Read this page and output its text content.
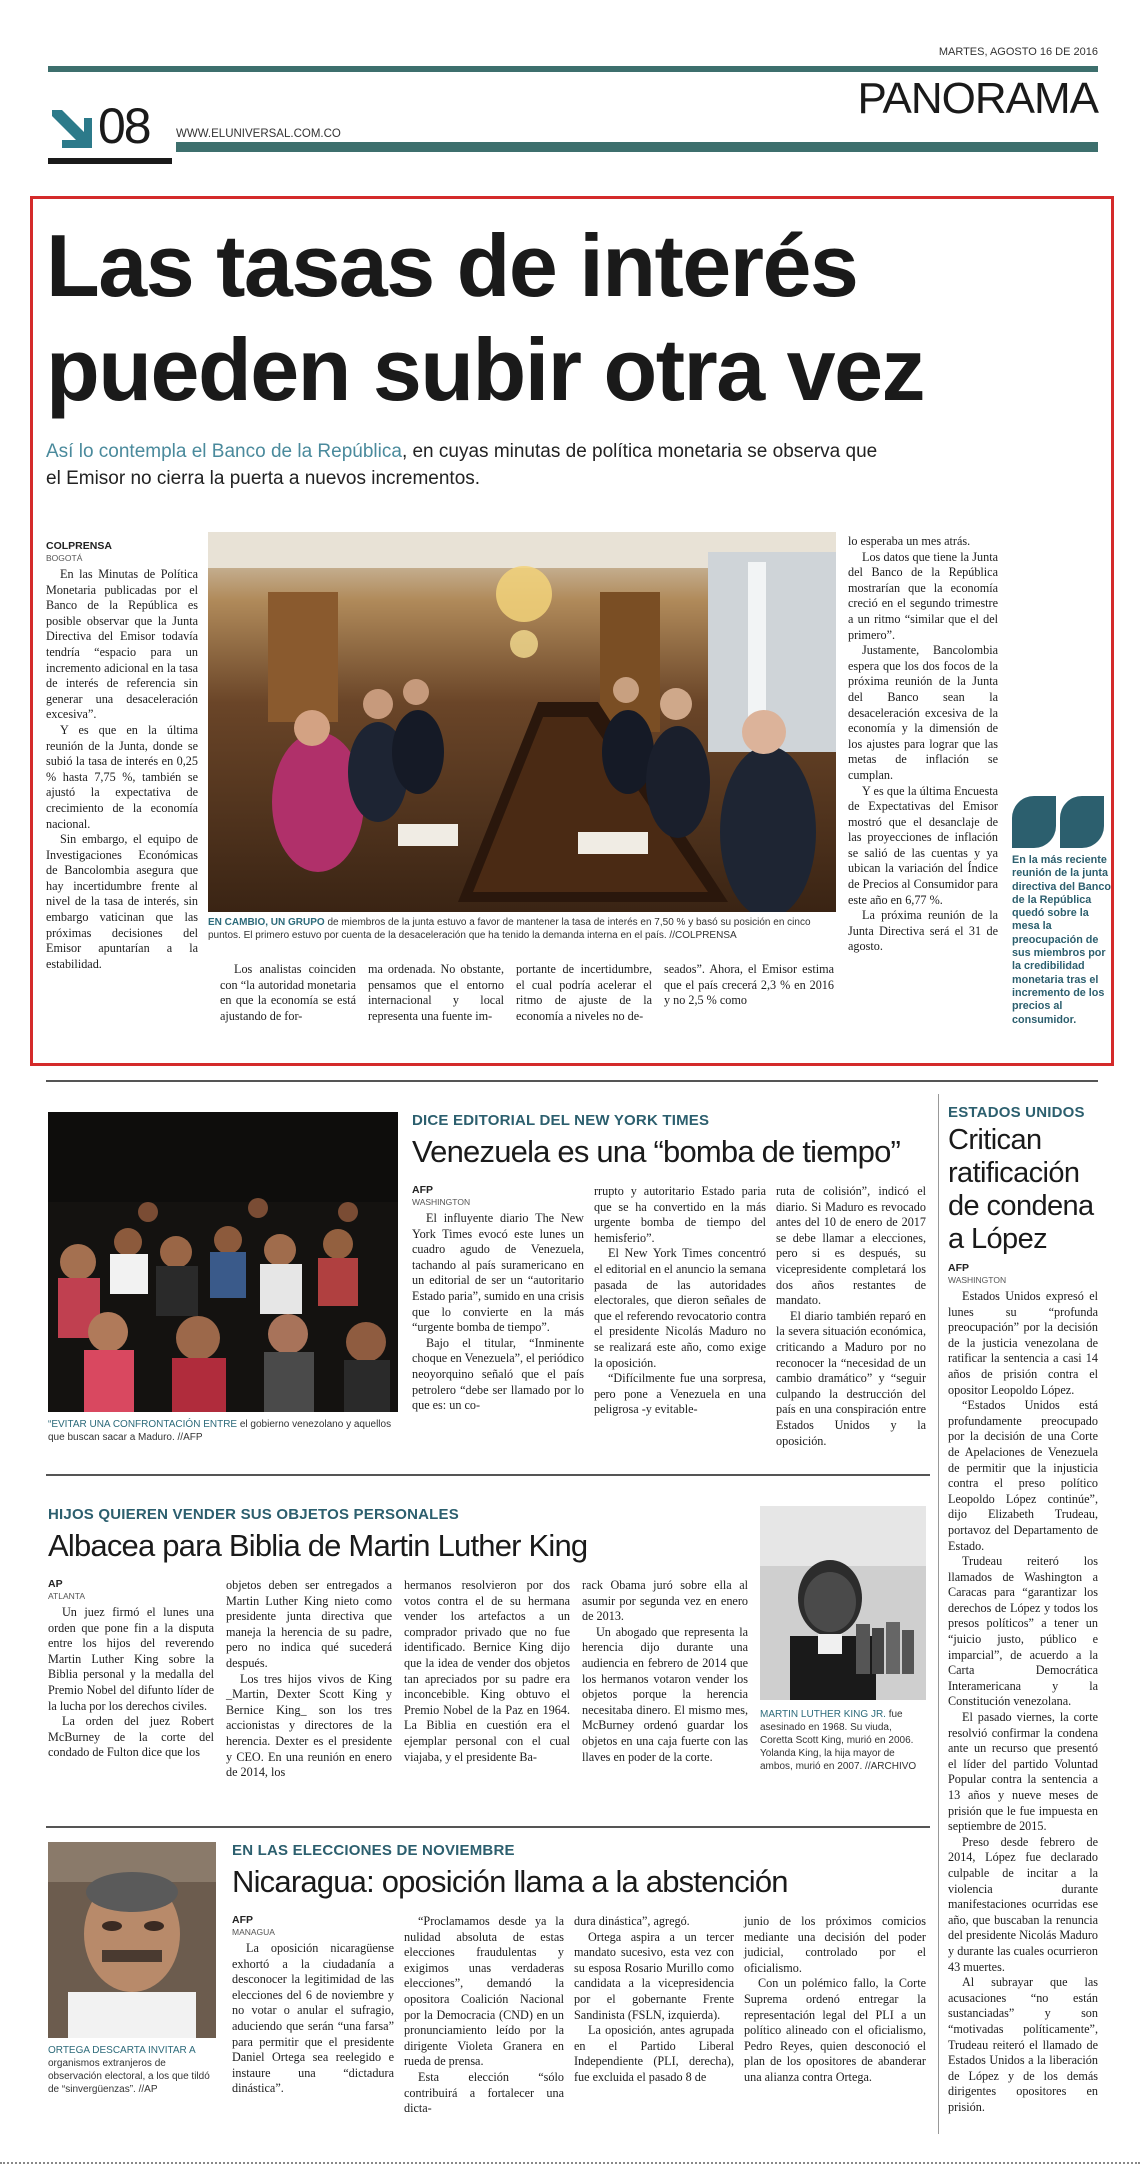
MARTES, AGOSTO 16 DE 2016
PANORAMA
08 WWW.ELUNIVERSAL.COM.CO
Las tasas de interés
pueden subir otra vez
Así lo contempla el Banco de la República, en cuyas minutas de política monetaria se observa que
el Emisor no cierra la puerta a nuevos incrementos.
COLPRENSA
BOGOTÁ

En las Minutas de Política Monetaria publicadas por el Banco de la República es posible observar que la Junta Directiva del Emisor todavía tendría “espacio para un incremento adicional en la tasa de interés de referencia sin generar una desaceleración excesiva”.

Y es que en la última reunión de la Junta, donde se subió la tasa de interés en 0,25 % hasta 7,75 %, también se ajustó la expectativa de crecimiento de la economía nacional.

Sin embargo, el equipo de Investigaciones Económicas de Bancolombia asegura que hay incertidumbre frente al nivel de la tasa de interés, sin embargo vaticinan que las próximas decisiones del Emisor apuntarían a la estabilidad.

EN CAMBIO, UN GRUPO de miembros de la junta estuvo a favor de mantener la tasa de interés en 7,50 % y basó su posición en cinco puntos. El primero estuvo por cuenta de la desaceleración que ha tenido la demanda interna en el país. //COLPRENSA

Los analistas coinciden con “la autoridad monetaria en que la economía se está ajustando de for-

ma ordenada. No obstante, pensamos que el entorno internacional y local representa una fuente im-

portante de incertidumbre, el cual podría acelerar el ritmo de ajuste de la economía a niveles no de-

seados”. Ahora, el Emisor estima que el país crecerá 2,3 % en 2016 y no 2,5 % como

lo esperaba un mes atrás.

Los datos que tiene la Junta del Banco de la República mostrarían que la economía creció en el segundo trimestre a un ritmo “similar que el del primero”.

Justamente, Bancolombia espera que los dos focos de la próxima reunión de la Junta del Banco sean la desaceleración excesiva de la economía y la dimensión de los ajustes para lograr que las metas de inflación se cumplan.

Y es que la última Encuesta de Expectativas del Emisor mostró que el desanclaje de las proyecciones de inflación se salió de las cuentas y ya ubican la variación del Índice de Precios al Consumidor para este año en 6,77 %.

La próxima reunión de la Junta Directiva será el 31 de agosto.

En la más reciente reunión de la junta directiva del Banco de la República quedó sobre la mesa la preocupación de sus miembros por la credibilidad monetaria tras el incremento de los precios al consumidor.
“EVITAR UNA CONFRONTACIÓN ENTRE el gobierno venezolano y aquellos que buscan sacar a Maduro. //AFP
DICE EDITORIAL DEL NEW YORK TIMES
Venezuela es una “bomba de tiempo”
AFP
WASHINGTON

El influyente diario The New York Times evocó este lunes un cuadro agudo de Venezuela, tachando al país suramericano en un editorial de ser un “autoritario Estado paria”, sumido en una crisis que lo convierte en la más “urgente bomba de tiempo”.

Bajo el titular, “Inminente choque en Venezuela”, el periódico neoyorquino señaló que el país petrolero “debe ser llamado por lo que es: un co-

rrupto y autoritario Estado paria que se ha convertido en la más urgente bomba de tiempo del hemisferio”.

El New York Times concentró el editorial en el anuncio la semana pasada de las autoridades electorales, que dieron señales de que el referendo revocatorio contra el presidente Nicolás Maduro no se realizará este año, como exige la oposición.

“Difícilmente fue una sorpresa, pero pone a Venezuela en una peligrosa -y evitable-

ruta de colisión”, indicó el diario. Si Maduro es revocado antes del 10 de enero de 2017 se debe llamar a elecciones, pero si es después, su vicepresidente completará los dos años restantes de mandato.

El diario también reparó en la severa situación económica, criticando a Maduro por no reconocer la “necesidad de un cambio dramático” y “seguir culpando la destrucción del país en una conspiración entre Estados Unidos y la oposición.

ESTADOS UNIDOS
Critican
ratificación
de condena
a López
AFP
WASHINGTON

Estados Unidos expresó el lunes su “profunda preocupación” por la decisión de la justicia venezolana de ratificar la sentencia a casi 14 años de prisión contra el opositor Leopoldo López.

“Estados Unidos está profundamente preocupado por la decisión de una Corte de Apelaciones de Venezuela de permitir que la injusticia contra el preso político Leopoldo López continúe”, dijo Elizabeth Trudeau, portavoz del Departamento de Estado.

Trudeau reiteró los llamados de Washington a Caracas para “garantizar los derechos de López y todos los presos políticos” a tener un “juicio justo, público e imparcial”, de acuerdo a la Carta Democrática Interamericana y la Constitución venezolana.

El pasado viernes, la corte resolvió confirmar la condena ante un recurso que presentó el líder del partido Voluntad Popular contra la sentencia a 13 años y nueve meses de prisión que le fue impuesta en septiembre de 2015.

Preso desde febrero de 2014, López fue declarado culpable de incitar a la violencia durante manifestaciones ocurridas ese año, que buscaban la renuncia del presidente Nicolás Maduro y durante las cuales ocurrieron 43 muertes.

Al subrayar que las acusaciones “no están sustanciadas” y son “motivadas políticamente”, Trudeau reiteró el llamado de Estados Unidos a la liberación de López y de los demás dirigentes opositores en prisión.

HIJOS QUIEREN VENDER SUS OBJETOS PERSONALES
Albacea para Biblia de Martin Luther King
AP
ATLANTA

Un juez firmó el lunes una orden que pone fin a la disputa entre los hijos del reverendo Martin Luther King sobre la Biblia personal y la medalla del Premio Nobel del difunto líder de la lucha por los derechos civiles.

La orden del juez Robert McBurney de la corte del condado de Fulton dice que los

objetos deben ser entregados a Martin Luther King nieto como presidente junta directiva que maneja la herencia de su padre, pero no indica qué sucederá después.

Los tres hijos vivos de King _Martin, Dexter Scott King y Bernice King_ son los tres accionistas y directores de la herencia. Dexter es el presidente y CEO. En una reunión en enero de 2014, los

hermanos resolvieron por dos votos contra el de su hermana vender los artefactos a un comprador privado que no fue identificado. Bernice King dijo que la idea de vender dos objetos tan apreciados por su padre era inconcebible. King obtuvo el Premio Nobel de la Paz en 1964. La Biblia en cuestión era el ejemplar personal con el cual viajaba, y el presidente Ba-

rack Obama juró sobre ella al asumir por segunda vez en enero de 2013.

Un abogado que representa la herencia dijo durante una audiencia en febrero de 2014 que los hermanos votaron vender los objetos porque la herencia necesitaba dinero. El mismo mes, McBurney ordenó guardar los objetos en una caja fuerte con las llaves en poder de la corte.

MARTIN LUTHER KING JR. fue asesinado en 1968. Su viuda, Coretta Scott King, murió en 2006. Yolanda King, la hija mayor de ambos, murió en 2007. //ARCHIVO
ORTEGA DESCARTA INVITAR A organismos extranjeros de observación electoral, a los que tildó de “sinvergüenzas”. //AP
EN LAS ELECCIONES DE NOVIEMBRE
Nicaragua: oposición llama a la abstención
AFP
MANAGUA

La oposición nicaragüense exhortó a la ciudadanía a desconocer la legitimidad de las elecciones del 6 de noviembre y no votar o anular el sufragio, aduciendo que serán “una farsa” para permitir que el presidente Daniel Ortega sea reelegido e instaure una “dictadura dinástica”.

“Proclamamos desde ya la nulidad absoluta de estas elecciones fraudulentas y exigimos unas verdaderas elecciones”, demandó la opositora Coalición Nacional por la Democracia (CND) en un pronunciamiento leído por la dirigente Violeta Granera en rueda de prensa.

Esta elección “sólo contribuirá a fortalecer una dicta-

dura dinástica”, agregó.

Ortega aspira a un tercer mandato sucesivo, esta vez con su esposa Rosario Murillo como candidata a la vicepresidencia por el gobernante Frente Sandinista (FSLN, izquierda).

La oposición, antes agrupada en el Partido Liberal Independiente (PLI, derecha), fue excluida el pasado 8 de

junio de los próximos comicios mediante una decisión del poder judicial, controlado por el oficialismo.

Con un polémico fallo, la Corte Suprema ordenó entregar la representación legal del PLI a un político alineado con el oficialismo, Pedro Reyes, quien desconoció el plan de los opositores de abanderar una alianza contra Ortega.
